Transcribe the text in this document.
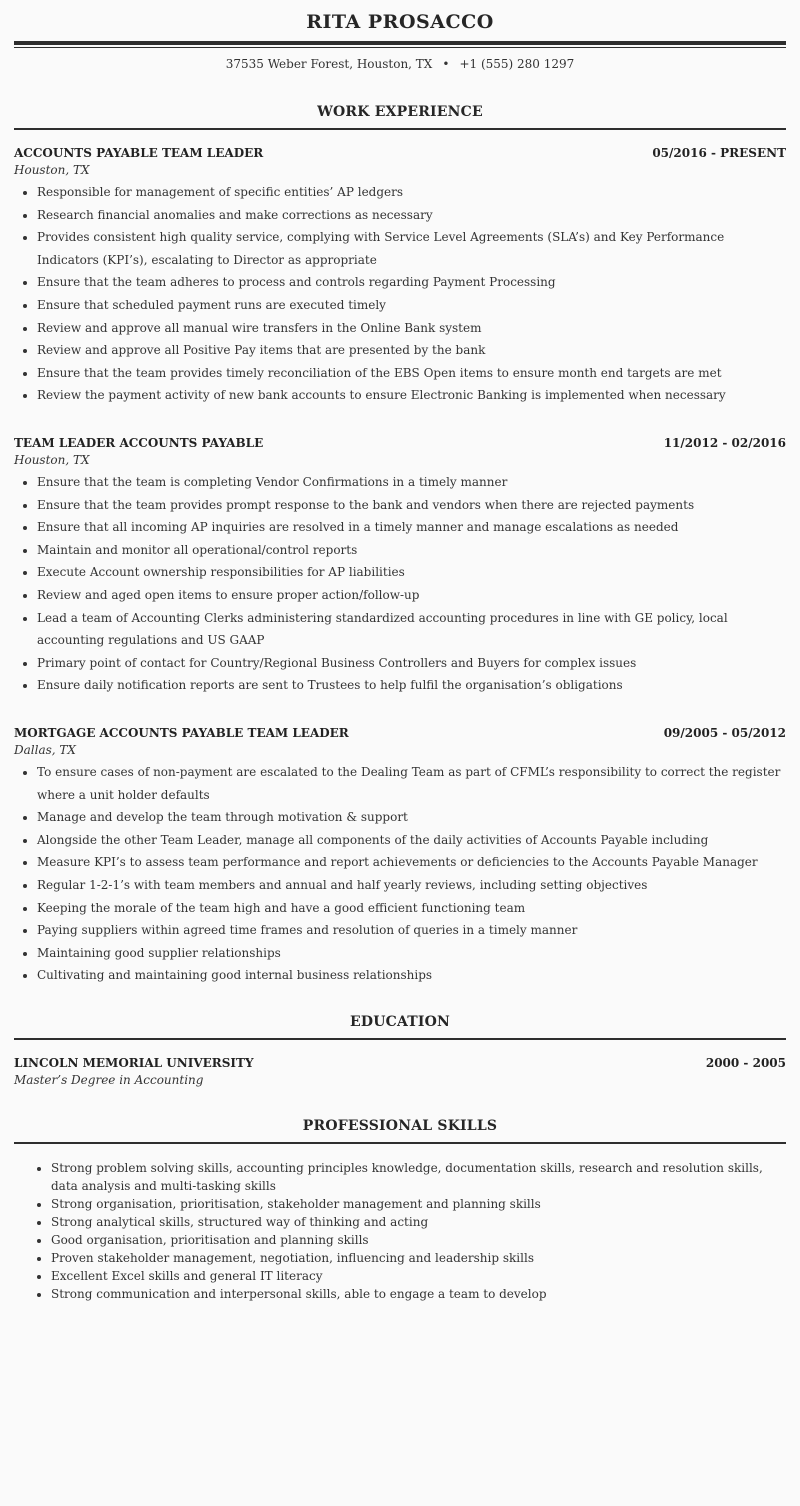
RITA PROSACCO
37535 Weber Forest, Houston, TX • +1 (555) 280 1297
WORK EXPERIENCE
ACCOUNTS PAYABLE TEAM LEADER	05/2016 - PRESENT
Houston, TX
• Responsible for management of specific entities’ AP ledgers
• Research financial anomalies and make corrections as necessary
• Provides consistent high quality service, complying with Service Level Agreements (SLA’s) and Key Performance Indicators (KPI’s), escalating to Director as appropriate
• Ensure that the team adheres to process and controls regarding Payment Processing
• Ensure that scheduled payment runs are executed timely
• Review and approve all manual wire transfers in the Online Bank system
• Review and approve all Positive Pay items that are presented by the bank
• Ensure that the team provides timely reconciliation of the EBS Open items to ensure month end targets are met
• Review the payment activity of new bank accounts to ensure Electronic Banking is implemented when necessary
TEAM LEADER ACCOUNTS PAYABLE	11/2012 - 02/2016
Houston, TX
• Ensure that the team is completing Vendor Confirmations in a timely manner
• Ensure that the team provides prompt response to the bank and vendors when there are rejected payments
• Ensure that all incoming AP inquiries are resolved in a timely manner and manage escalations as needed
• Maintain and monitor all operational/control reports
• Execute Account ownership responsibilities for AP liabilities
• Review and aged open items to ensure proper action/follow-up
• Lead a team of Accounting Clerks administering standardized accounting procedures in line with GE policy, local accounting regulations and US GAAP
• Primary point of contact for Country/Regional Business Controllers and Buyers for complex issues
• Ensure daily notification reports are sent to Trustees to help fulfil the organisation’s obligations
MORTGAGE ACCOUNTS PAYABLE TEAM LEADER	09/2005 - 05/2012
Dallas, TX
• To ensure cases of non-payment are escalated to the Dealing Team as part of CFML’s responsibility to correct the register where a unit holder defaults
• Manage and develop the team through motivation & support
• Alongside the other Team Leader, manage all components of the daily activities of Accounts Payable including
• Measure KPI’s to assess team performance and report achievements or deficiencies to the Accounts Payable Manager
• Regular 1-2-1’s with team members and annual and half yearly reviews, including setting objectives
• Keeping the morale of the team high and have a good efficient functioning team
• Paying suppliers within agreed time frames and resolution of queries in a timely manner
• Maintaining good supplier relationships
• Cultivating and maintaining good internal business relationships
EDUCATION
LINCOLN MEMORIAL UNIVERSITY	2000 - 2005
Master’s Degree in Accounting
PROFESSIONAL SKILLS
• Strong problem solving skills, accounting principles knowledge, documentation skills, research and resolution skills, data analysis and multi-tasking skills
• Strong organisation, prioritisation, stakeholder management and planning skills
• Strong analytical skills, structured way of thinking and acting
• Good organisation, prioritisation and planning skills
• Proven stakeholder management, negotiation, influencing and leadership skills
• Excellent Excel skills and general IT literacy
• Strong communication and interpersonal skills, able to engage a team to develop
